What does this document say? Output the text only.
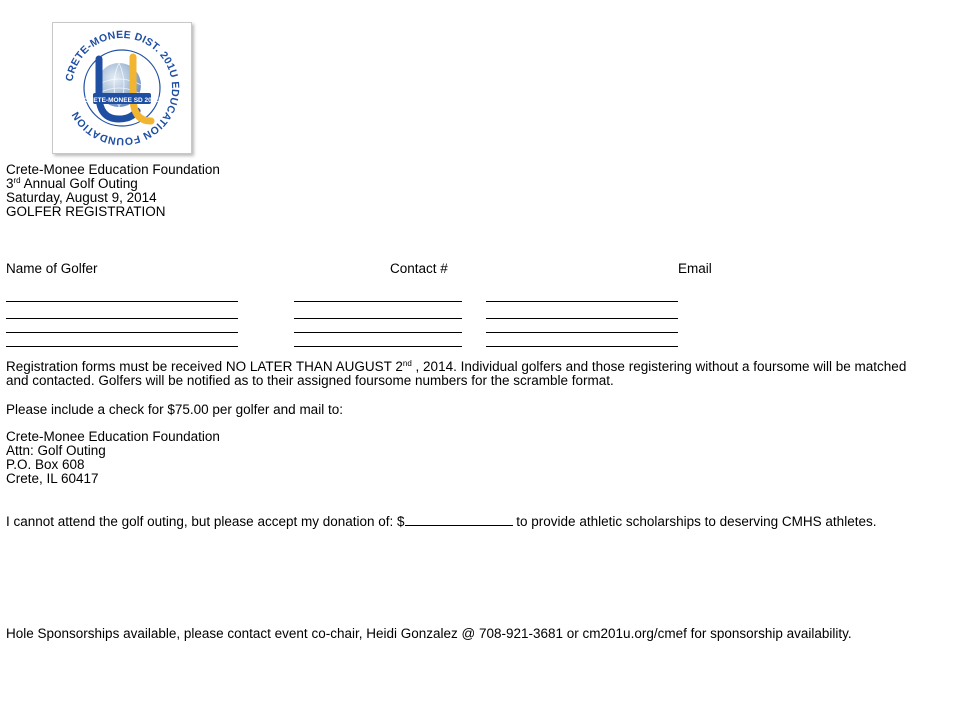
CRETE-MONEE DIST. 201U EDUCATION FOUNDATION
CRETE-MONEE SD 201U
Crete-Monee Education Foundation
3rd Annual Golf Outing
Saturday, August 9, 2014
GOLFER REGISTRATION
Name of Golfer	Contact #	Email
Registration forms must be received NO LATER THAN AUGUST 2nd , 2014. Individual golfers and those registering without a foursome will be matched and contacted. Golfers will be notified as to their assigned foursome numbers for the scramble format.
Please include a check for $75.00 per golfer and mail to:
Crete-Monee Education Foundation
Attn: Golf Outing
P.O. Box 608
Crete, IL 60417
I cannot attend the golf outing, but please accept my donation of: $	to provide athletic scholarships to deserving CMHS athletes.
Hole Sponsorships available, please contact event co-chair, Heidi Gonzalez @ 708-921-3681 or cm201u.org/cmef for sponsorship availability.
